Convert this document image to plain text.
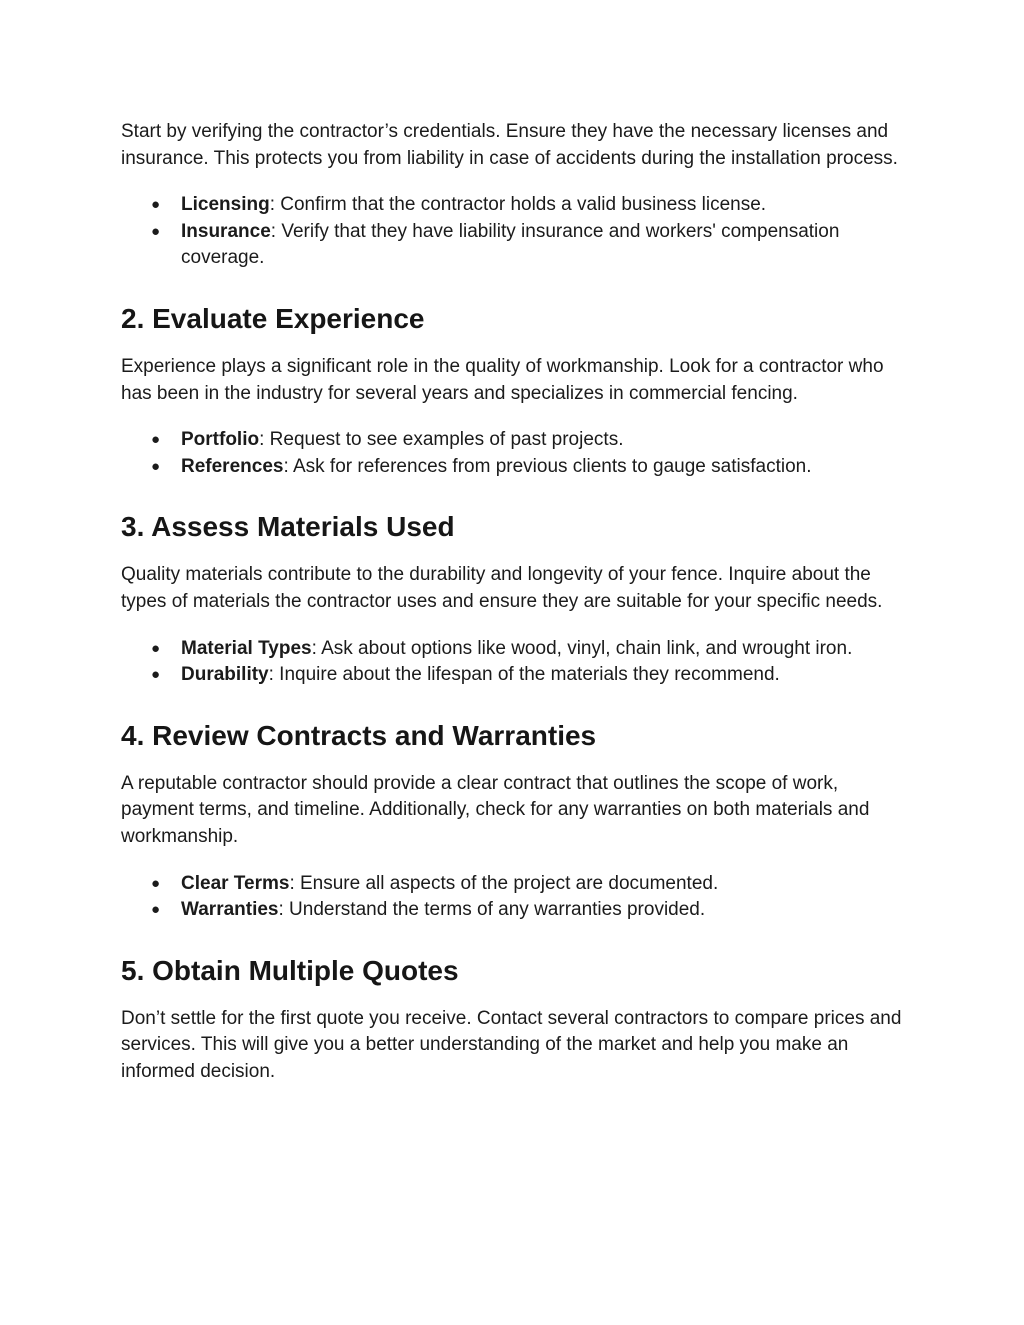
Start by verifying the contractor’s credentials. Ensure they have the necessary licenses and insurance. This protects you from liability in case of accidents during the installation process.

● Licensing: Confirm that the contractor holds a valid business license.
● Insurance: Verify that they have liability insurance and workers' compensation coverage.
2. Evaluate Experience

Experience plays a significant role in the quality of workmanship. Look for a contractor who has been in the industry for several years and specializes in commercial fencing.

● Portfolio: Request to see examples of past projects.
● References: Ask for references from previous clients to gauge satisfaction.
3. Assess Materials Used

Quality materials contribute to the durability and longevity of your fence. Inquire about the types of materials the contractor uses and ensure they are suitable for your specific needs.

● Material Types: Ask about options like wood, vinyl, chain link, and wrought iron.
● Durability: Inquire about the lifespan of the materials they recommend.
4. Review Contracts and Warranties

A reputable contractor should provide a clear contract that outlines the scope of work, payment terms, and timeline. Additionally, check for any warranties on both materials and workmanship.

● Clear Terms: Ensure all aspects of the project are documented.
● Warranties: Understand the terms of any warranties provided.
5. Obtain Multiple Quotes

Don’t settle for the first quote you receive. Contact several contractors to compare prices and services. This will give you a better understanding of the market and help you make an informed decision.
